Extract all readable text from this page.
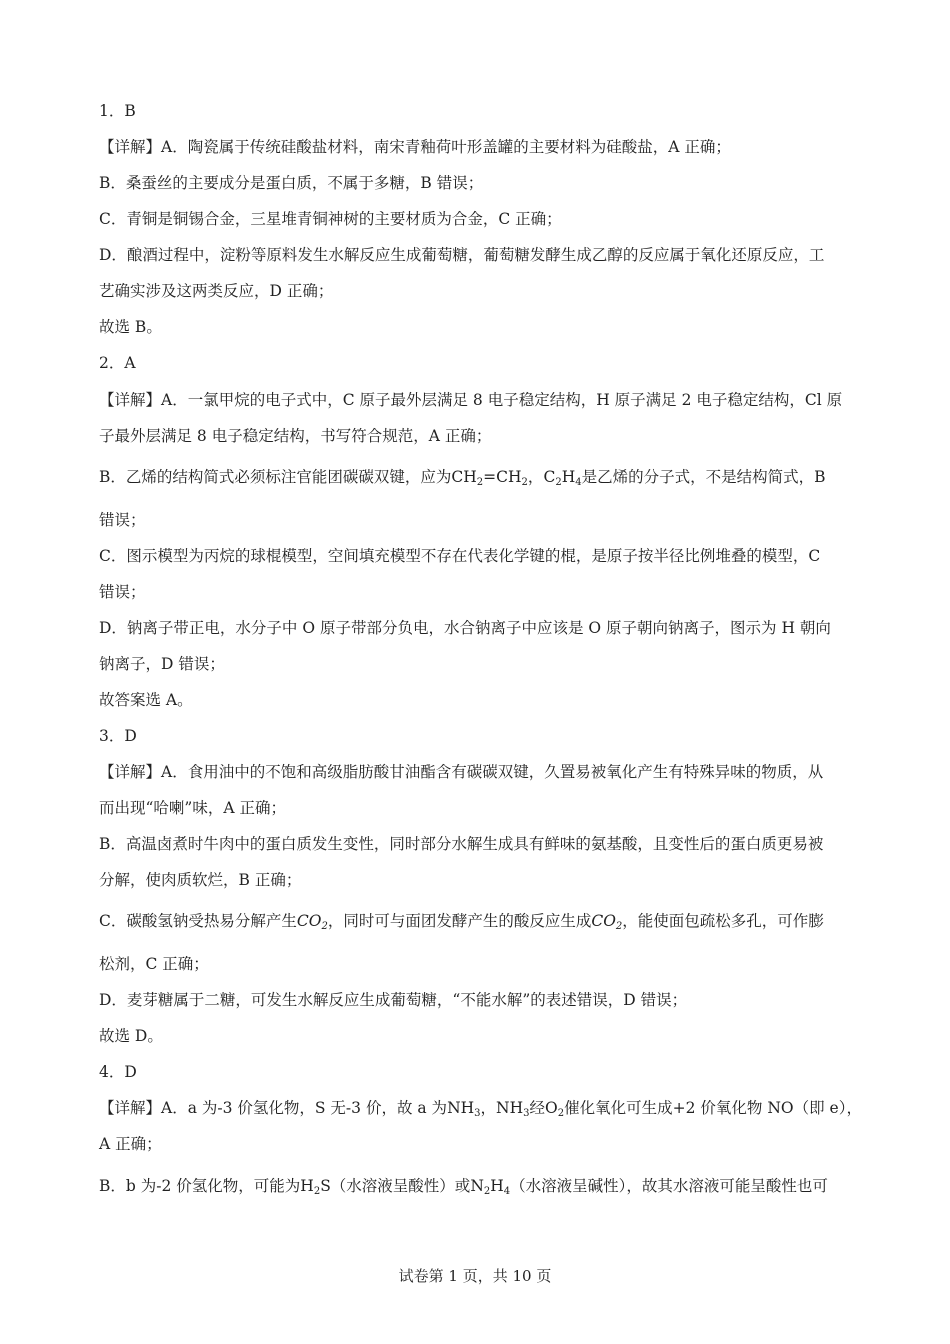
1．B
【详解】A．陶瓷属于传统硅酸盐材料，南宋青釉荷叶形盖罐的主要材料为硅酸盐，A 正确；
B．桑蚕丝的主要成分是蛋白质，不属于多糖，B 错误；
C．青铜是铜锡合金，三星堆青铜神树的主要材质为合金，C 正确；
D．酿酒过程中，淀粉等原料发生水解反应生成葡萄糖，葡萄糖发酵生成乙醇的反应属于氧化还原反应，工
艺确实涉及这两类反应，D 正确；
故选 B。
2．A
【详解】A．一氯甲烷的电子式中，C 原子最外层满足 8 电子稳定结构，H 原子满足 2 电子稳定结构，Cl 原
子最外层满足 8 电子稳定结构，书写符合规范，A 正确；
B．乙烯的结构简式必须标注官能团碳碳双键，应为$CH_2=CH_2$，$C_2H_4$是乙烯的分子式，不是结构简式，B
错误；
C．图示模型为丙烷的球棍模型，空间填充模型不存在代表化学键的棍，是原子按半径比例堆叠的模型，C
错误；
D．钠离子带正电，水分子中 O 原子带部分负电，水合钠离子中应该是 O 原子朝向钠离子，图示为 H 朝向
钠离子，D 错误；
故答案选 A。
3．D
【详解】A．食用油中的不饱和高级脂肪酸甘油酯含有碳碳双键，久置易被氧化产生有特殊异味的物质，从
而出现“哈喇”味，A 正确；
B．高温卤煮时牛肉中的蛋白质发生变性，同时部分水解生成具有鲜味的氨基酸，且变性后的蛋白质更易被
分解，使肉质软烂，B 正确；
C．碳酸氢钠受热易分解产生$CO_2$，同时可与面团发酵产生的酸反应生成$CO_2$，能使面包疏松多孔，可作膨
松剂，C 正确；
D．麦芽糖属于二糖，可发生水解反应生成葡萄糖，“不能水解”的表述错误，D 错误；
故选 D。
4．D
【详解】A．a 为-3 价氢化物，S 无-3 价，故 a 为$NH_3$，$NH_3$经$O_2$催化氧化可生成+2 价氧化物 NO（即 e），
A 正确；
B．b 为-2 价氢化物，可能为$H_2S$（水溶液呈酸性）或$N_2H_4$（水溶液呈碱性），故其水溶液可能呈酸性也可
试卷第 1 页，共 10 页
